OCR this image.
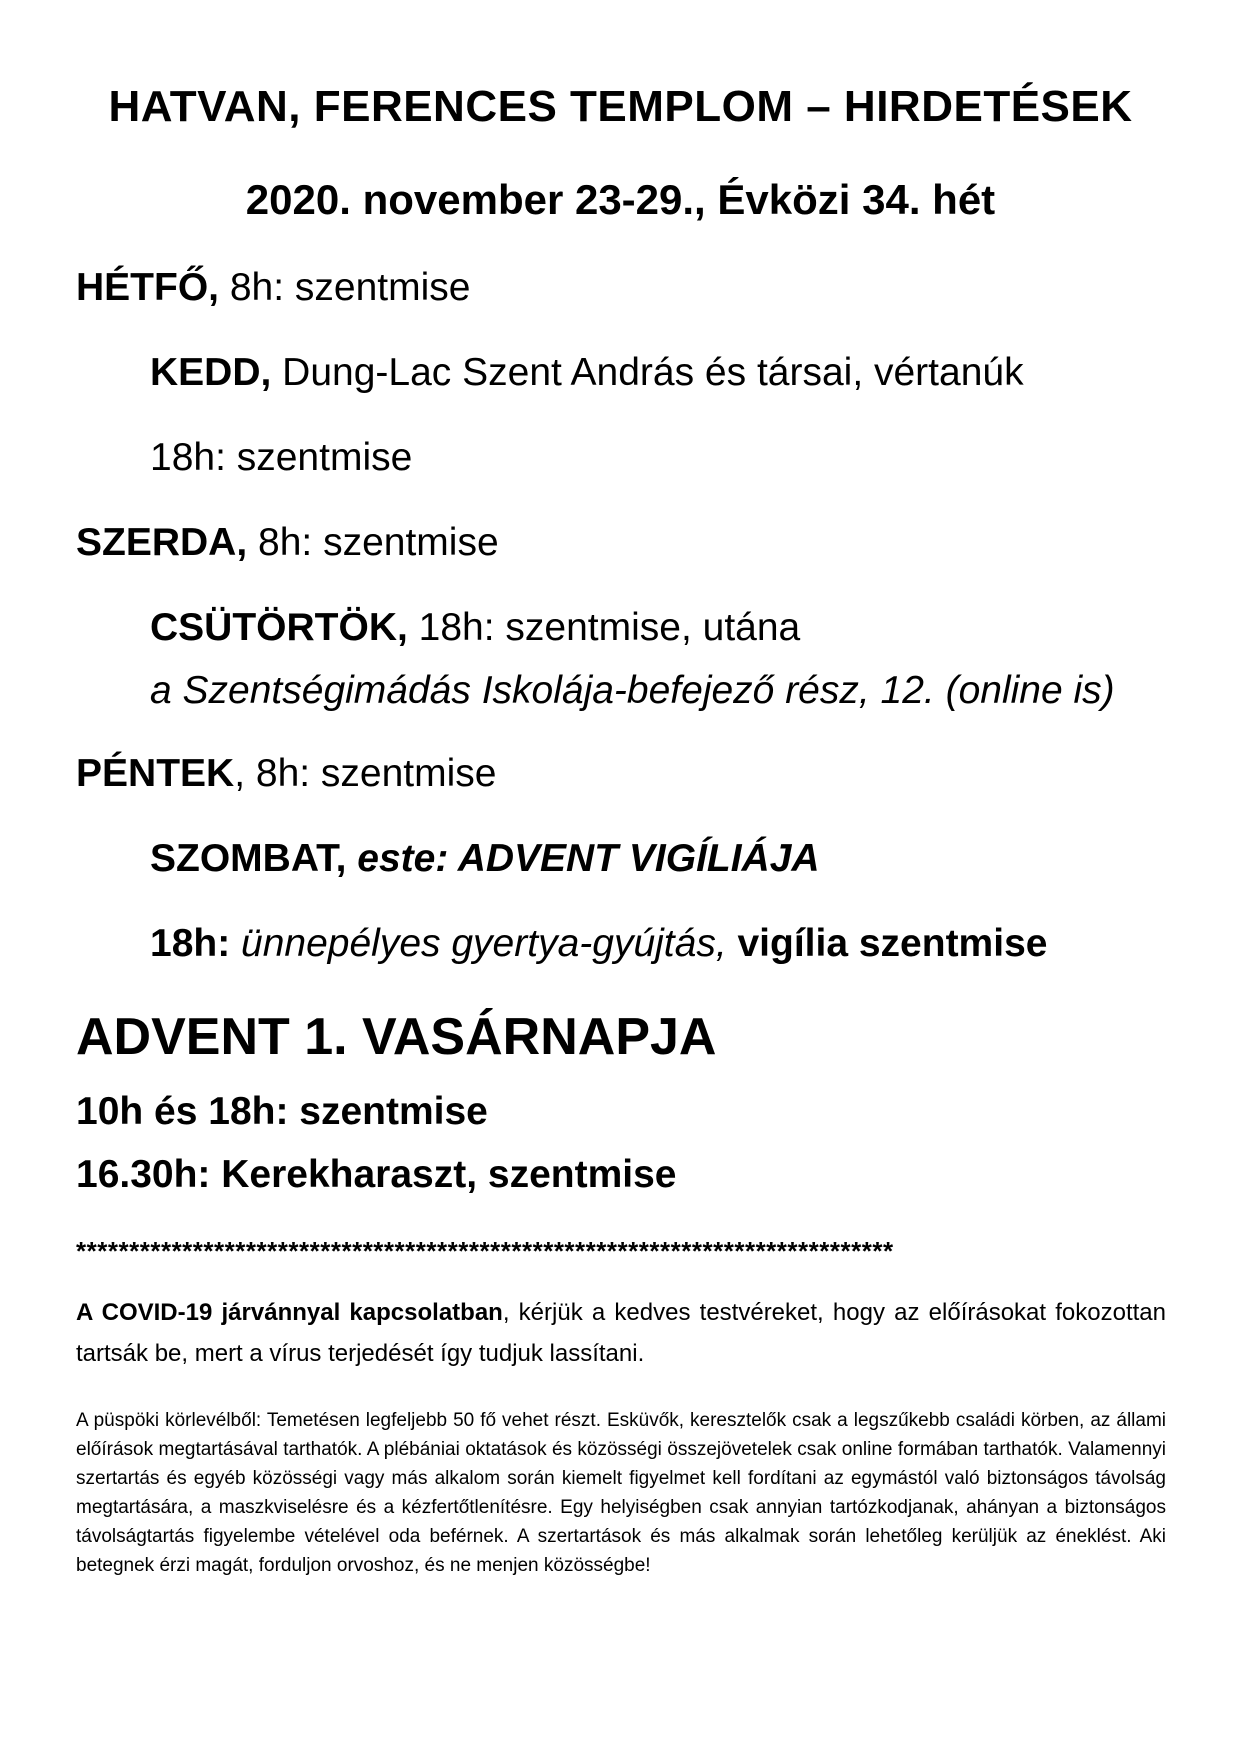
HATVAN, FERENCES TEMPLOM – HIRDETÉSEK
2020. november 23-29., Évközi 34. hét
HÉTFŐ, 8h: szentmise
KEDD, Dung-Lac Szent András és társai, vértanúk
18h: szentmise
SZERDA, 8h: szentmise
CSÜTÖRTÖK, 18h: szentmise, utána
a Szentségimádás Iskolája-befejező rész, 12. (online is)
PÉNTEK, 8h: szentmise
SZOMBAT, este: ADVENT VIGÍLIÁJA
18h: ünnepélyes gyertya-gyújtás, vigília szentmise
ADVENT 1. VASÁRNAPJA
10h és 18h: szentmise
16.30h: Kerekharaszt, szentmise
*****************************************************************************
A COVID-19 járvánnyal kapcsolatban, kérjük a kedves testvéreket, hogy az előírásokat fokozottan tartsák be, mert a vírus terjedését így tudjuk lassítani.
A püspöki körlevélből: Temetésen legfeljebb 50 fő vehet részt. Esküvők, keresztelők csak a legszűkebb családi körben, az állami előírások megtartásával tarthatók. A plébániai oktatások és közösségi összejövetelek csak online formában tarthatók. Valamennyi szertartás és egyéb közösségi vagy más alkalom során kiemelt figyelmet kell fordítani az egymástól való biztonságos távolság megtartására, a maszkviselésre és a kézfertőtlenítésre. Egy helyiségben csak annyian tartózkodjanak, ahányan a biztonságos távolságtartás figyelembe vételével oda beférnek. A szertartások és más alkalmak során lehetőleg kerüljük az éneklést. Aki betegnek érzi magát, forduljon orvoshoz, és ne menjen közösségbe!
